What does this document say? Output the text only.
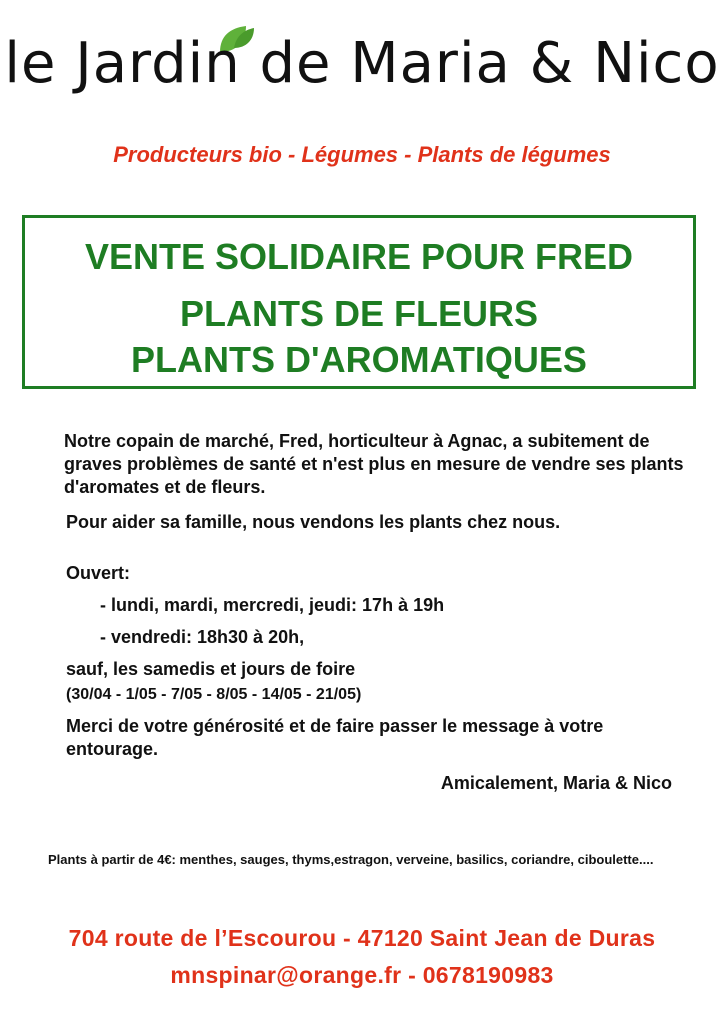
le Jardin de Maria & Nico
Producteurs bio - Légumes - Plants de légumes
VENTE SOLIDAIRE POUR FRED
PLANTS DE FLEURS
PLANTS D'AROMATIQUES
Notre copain de marché, Fred, horticulteur à Agnac, a subitement de graves problèmes de santé et n'est plus en mesure de vendre ses plants d'aromates et de fleurs.
Pour aider sa famille, nous vendons les plants chez nous.
Ouvert:
- lundi, mardi, mercredi, jeudi: 17h à 19h
- vendredi: 18h30 à 20h,
sauf, les samedis et jours de foire
(30/04 - 1/05 - 7/05 - 8/05 - 14/05 - 21/05)
Merci de votre générosité et de faire passer le message à votre entourage.
Amicalement, Maria & Nico
Plants à partir de 4€: menthes, sauges, thyms,estragon, verveine, basilics, coriandre, ciboulette....
704 route de l’Escourou - 47120 Saint Jean de Duras
mnspinar@orange.fr - 0678190983
